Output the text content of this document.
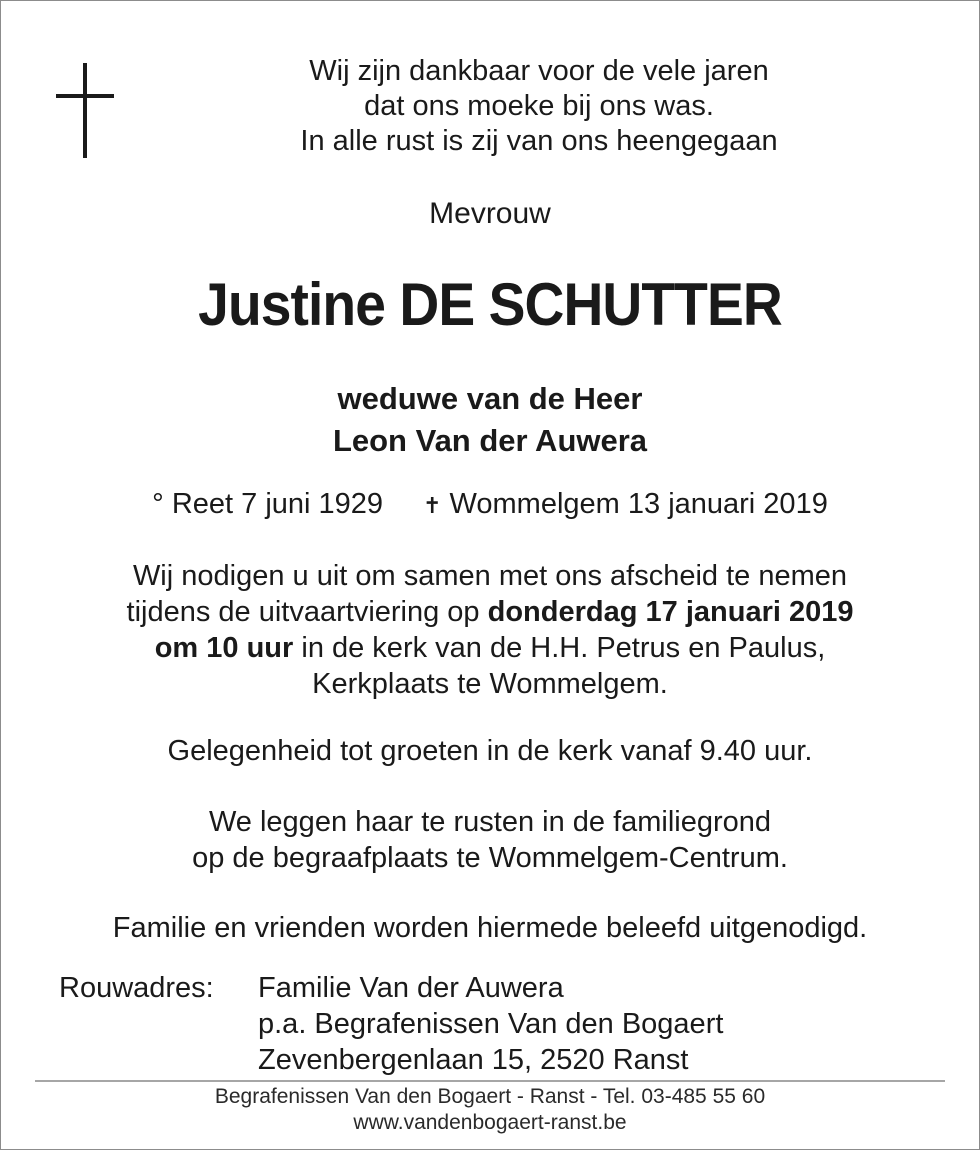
Wij zijn dankbaar voor de vele jaren
dat ons moeke bij ons was.
In alle rust is zij van ons heengegaan
Mevrouw
Justine DE SCHUTTER
weduwe van de Heer
Leon Van der Auwera
° Reet 7 juni 1929 ✝ Wommelgem 13 januari 2019
Wij nodigen u uit om samen met ons afscheid te nemen
tijdens de uitvaartviering op donderdag 17 januari 2019
om 10 uur in de kerk van de H.H. Petrus en Paulus,
Kerkplaats te Wommelgem.
Gelegenheid tot groeten in de kerk vanaf 9.40 uur.
We leggen haar te rusten in de familiegrond
op de begraafplaats te Wommelgem-Centrum.
Familie en vrienden worden hiermede beleefd uitgenodigd.
Rouwadres: Familie Van der Auwera
p.a. Begrafenissen Van den Bogaert
Zevenbergenlaan 15, 2520 Ranst
Begrafenissen Van den Bogaert - Ranst - Tel. 03-485 55 60
www.vandenbogaert-ranst.be
